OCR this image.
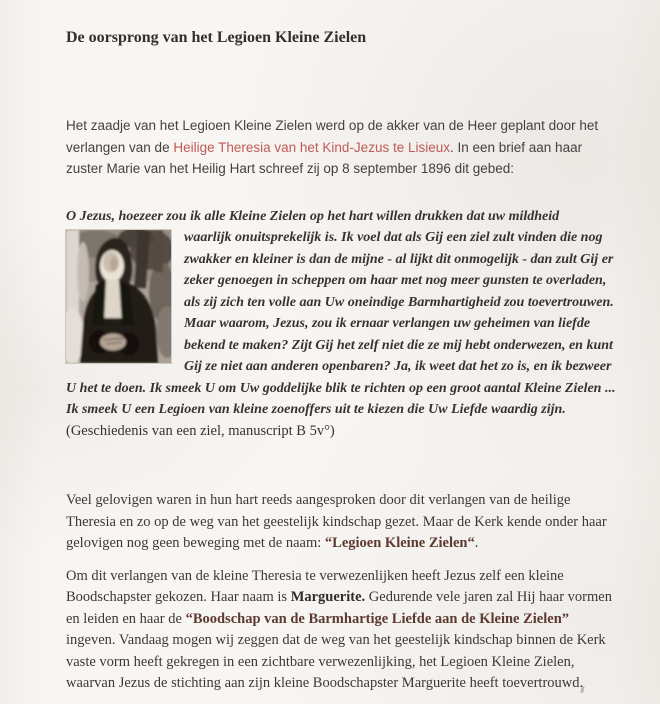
De oorsprong van het Legioen Kleine Zielen

Het zaadje van het Legioen Kleine Zielen werd op de akker van de Heer geplant door het verlangen van de Heilige Theresia van het Kind-Jezus te Lisieux. In een brief aan haar zuster Marie van het Heilig Hart schreef zij op 8 september 1896 dit gebed:

O Jezus, hoezeer zou ik alle Kleine Zielen op het hart willen drukken dat uw mildheid
waarlijk onuitsprekelijk is. Ik voel dat als Gij een ziel zult vinden die nog zwakker en kleiner is dan de mijne - al lijkt dit onmogelijk - dan zult Gij er zeker genoegen in scheppen om haar met nog meer gunsten te overladen, als zij zich ten volle aan Uw oneindige Barmhartigheid zou toevertrouwen.
Maar waarom, Jezus, zou ik ernaar verlangen uw geheimen van liefde bekend te maken? Zijt Gij het zelf niet die ze mij hebt onderwezen, en kunt Gij ze niet aan anderen openbaren? Ja, ik weet dat het zo is, en ik bezweer U het te doen. Ik smeek U om Uw goddelijke blik te richten op een groot aantal Kleine Zielen ...
Ik smeek U een Legioen van kleine zoenoffers uit te kiezen die Uw Liefde waardig zijn.
(Geschiedenis van een ziel, manuscript B 5v°)

Veel gelovigen waren in hun hart reeds aangesproken door dit verlangen van de heilige Theresia en zo op de weg van het geestelijk kindschap gezet. Maar de Kerk kende onder haar gelovigen nog geen beweging met de naam: “Legioen Kleine Zielen“.

Om dit verlangen van de kleine Theresia te verwezenlijken heeft Jezus zelf een kleine Boodschapster gekozen. Haar naam is Marguerite. Gedurende vele jaren zal Hij haar vormen en leiden en haar de “Boodschap van de Barmhartige Liefde aan de Kleine Zielen” ingeven. Vandaag mogen wij zeggen dat de weg van het geestelijk kindschap binnen de Kerk vaste vorm heeft gekregen in een zichtbare verwezenlijking, het Legioen Kleine Zielen, waarvan Jezus de stichting aan zijn kleine Boodschapster Marguerite heeft toevertrouwd.
